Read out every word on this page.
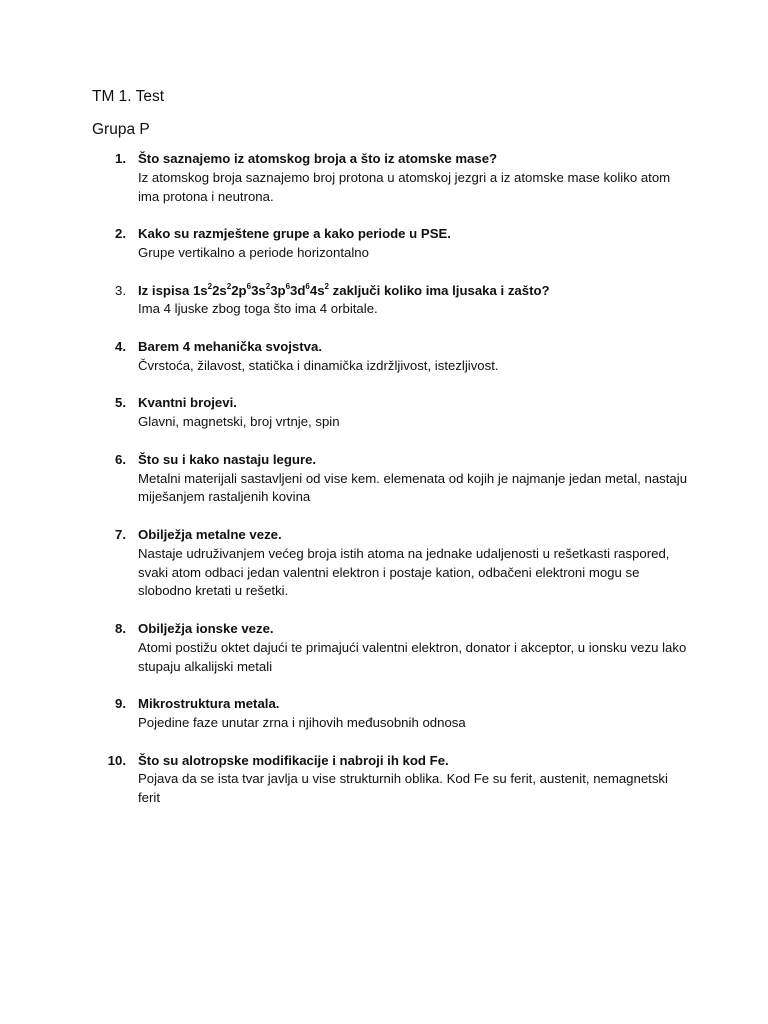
TM 1. Test
Grupa P
1. Što saznajemo iz atomskog broja a što iz atomske mase?
Iz atomskog broja saznajemo broj protona u atomskoj jezgri a iz atomske mase koliko atom ima protona i neutrona.
2. Kako su razmještene grupe a kako periode u PSE.
Grupe vertikalno a periode horizontalno
3. Iz ispisa $1s^22s^22p^63s^23p^63d^64s^2$ zaključi koliko ima ljusaka i zašto?
Ima 4 ljuske zbog toga što ima 4 orbitale.
4. Barem 4 mehanička svojstva.
Čvrstoća, žilavost, statička i dinamička izdržljivost, istezljivost.
5. Kvantni brojevi.
Glavni, magnetski, broj vrtnje, spin
6. Što su i kako nastaju legure.
Metalni materijali sastavljeni od vise kem. elemenata od kojih je najmanje jedan metal, nastaju miješanjem rastaljenih kovina
7. Obilježja metalne veze.
Nastaje udruživanjem većeg broja istih atoma na jednake udaljenosti u rešetkasti raspored, svaki atom odbaci jedan valentni elektron i postaje kation, odbačeni elektroni mogu se slobodno kretati u rešetki.
8. Obilježja ionske veze.
Atomi postižu oktet dajući te primajući valentni elektron, donator i akceptor, u ionsku vezu lako stupaju alkalijski metali
9. Mikrostruktura metala.
Pojedine faze unutar zrna i njihovih međusobnih odnosa
10. Što su alotropske modifikacije i nabroji ih kod Fe.
Pojava da se ista tvar javlja u vise strukturnih oblika. Kod Fe su ferit, austenit, nemagnetski ferit
